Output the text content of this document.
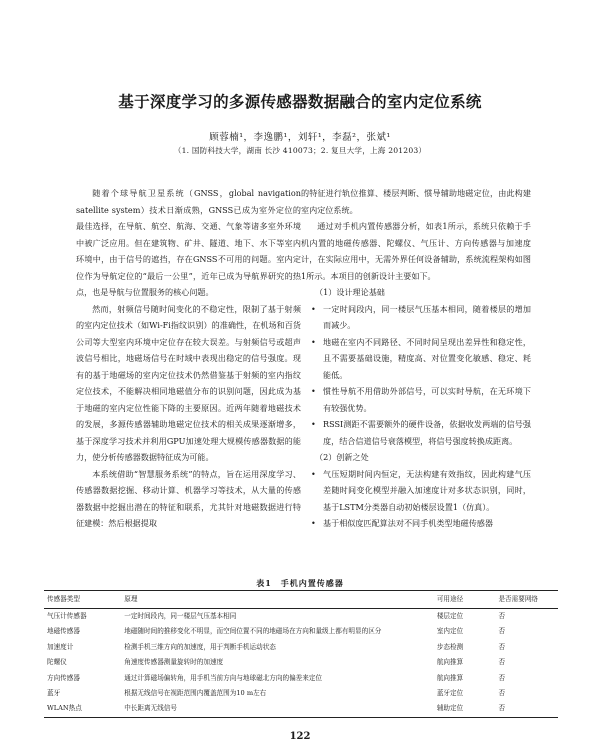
基于深度学习的多源传感器数据融合的室内定位系统
顾蓉楠¹，李逸鹏¹，刘轩¹，李磊²，张斌¹
（1. 国防科技大学，湖南 长沙 410073；2. 复旦大学，上海 201203）

随着个球导航卫星系统（GNSS，global navigation satellite system）技术日渐成熟，GNSS已成为室外定位的最佳选择，在导航、航空、航海、交通、气象等诸多室外环境中被广泛应用。但在建筑物、矿井、隧道、地下、水下等室内环境中，由于信号的遮挡，存在GNSS不可用的问题。室内定位作为导航定位的“最后一公里”，近年已成为导航界研究的热点，也是导航与位置服务的核心问题。

然而，射频信号随时间变化的不稳定性，限制了基于射频的室内定位技术（如Wi-Fi指纹识别）的准确性，在机场和百货公司等大型室内环境中定位存在较大误差。与射频信号或超声波信号相比，地磁场信号在时域中表现出稳定的信号强度。现有的基于地磁场的室内定位技术仍然借鉴基于射频的室内指纹定位技术，不能解决相同地磁值分布的识别问题，因此成为基于地磁的室内定位性能下降的主要原因。近两年随着地磁技术的发展，多源传感器辅助地磁定位技术的相关成果逐渐增多，基于深度学习技术并利用GPU加速处理大规模传感器数据的能力，使分析传感器数据特征成为可能。

本系统借助“智慧服务系统”的特点，旨在运用深度学习、传感器数据挖掘、移动计算、机器学习等技术，从大量的传感器数据中挖掘出潜在的特征和联系，尤其针对地磁数据进行特征建模：然后根据提取

的特征进行轨位推算、楼层判断、惯导辅助地磁定位，由此构建室内定位系统。

通过对手机内置传感器分析，如表1所示，系统只依赖于手机内置的地磁传感器、陀螺仪、气压计、方向传感器与加速度计，在实际应用中，无需外界任何设备辅助，系统流程架构如图1所示。本项目的创新设计主要如下。

（1）设计理论基础

• 一定时间段内，同一楼层气压基本相同，随着楼层的增加而减少。
• 地磁在室内不同路径、不同时间呈现出差异性和稳定性，且不需要基础设施，精度高、对位置变化敏感、稳定、耗能低。
• 惯性导航不用借助外部信号，可以实时导航，在无环境下有较强优势。
• RSSI测距不需要额外的硬件设备，依据收发两端的信号强度，结合信道信号衰落模型，将信号强度转换成距离。

（2）创新之处

• 气压短期时间内恒定，无法构建有效指纹，因此构建气压差随时间变化模型并融入加速度计对多状态识别，同时，基于LSTM分类器自动初始楼层设置1（仿真）。
• 基于相似度匹配算法对不同手机类型地磁传感器
表1　手机内置传感器
传感器类型	原理	可用途径	是否需要网络
气压计传感器	一定时间段内，同一楼层气压基本相同	楼层定位	否
地磁传感器	地磁随时间的推移变化不明显，而空间位置不同的地磁场在方向和量级上都有明显的区分	室内定位	否
加速度计	检测手机三维方向的加速度，用于判断手机运动状态	步态检测	否
陀螺仪	角速度传感器测量旋转时的加速度	航向推算	否
方向传感器	通过计算磁场偏转角，用手机当前方向与地球磁北方向的偏差来定位	航向推算	否
蓝牙	根据无线信号在视距范围内覆盖范围为10 m左右	蓝牙定位	否
WLAN热点	中长距离无线信号	辅助定位	否
122
